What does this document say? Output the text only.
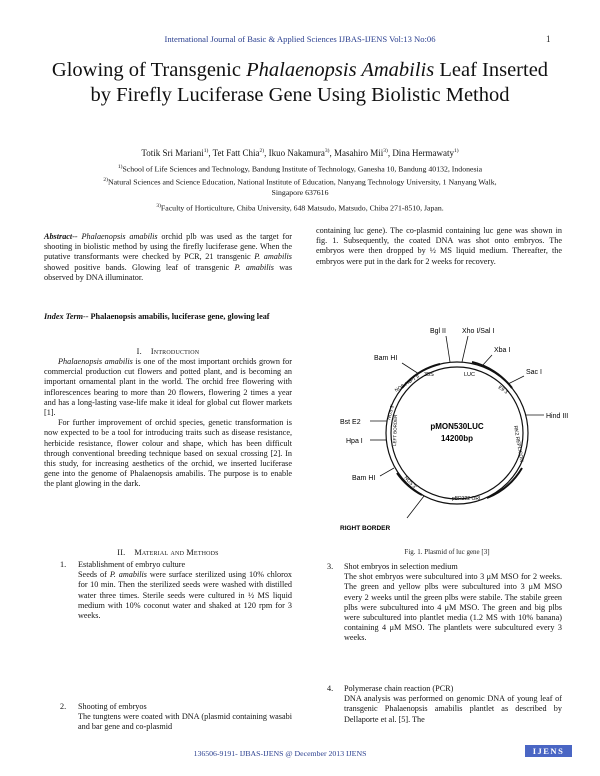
International Journal of Basic & Applied Sciences IJBAS-IJENS Vol:13 No:06	1
Glowing of Transgenic Phalaenopsis Amabilis Leaf Inserted by Firefly Luciferase Gene Using Biolistic Method
Totik Sri Mariani$^{1)}$, Tet Fatt Chia$^{2)}$, Ikuo Nakamura$^{3)}$, Masahiro Mii$^{3)}$, Dina Hermawaty$^{1)}$
$^{1)}$School of Life Sciences and Technology, Bandung Institute of Technology, Ganesha 10, Bandung 40132, Indonesia
$^{2)}$Natural Sciences and Science Education, National Institute of Education, Nanyang Technology University, 1 Nanyang Walk,
Singapore 637616
$^{3)}$Faculty of Horticulture, Chiba University, 648 Matsudo, Matsudo, Chiba 271-8510, Japan.
Abstract-- Phalaenopsis amabilis orchid plb was used as the target for shooting in biolistic method by using the firefly luciferase gene. When the putative transformants were checked by PCR, 21 transgenic P. amabilis showed positive bands. Glowing leaf of transgenic P. amabilis was observed by DNA illuminator.
Index Term-- Phalaenopsis amabilis, luciferase gene, glowing leaf
I. Introduction

Phalaenopsis amabilis is one of the most important orchids grown for commercial production cut flowers and potted plant, and is becoming an important ornamental plant in the world. The orchid free flowering with inflorescences bearing to more than 20 flowers, flowering 2 times a year and has a long-lasting vase-life make it ideal for global cut flower markets [1].

For further improvement of orchid species, genetic transformation is now expected to be a tool for introducing traits such as disease resistance, herbicide resistance, flower colour and shape, which has been difficult through conventional breeding technique based on sexual crossing [2]. In this study, for increasing aesthetics of the orchid, we inserted luciferase gene into the genome of Phalaenopsis amabilis. The purpose is to enable the plant glowing in the dark.

II. Material and Methods
1. Establishment of embryo culture
Seeds of P. amabilis were surface sterilized using 10% chlorox for 10 min. Then the sterilized seeds were washed with distilled water three times. Sterile seeds were cultured in ½ MS liquid medium with 10% coconut water and shaked at 120 rpm for 3 weeks.
2. Shooting of embryos
The tungtens were coated with DNA (plasmid containing wasabi and bar gene and co-plasmid
containing luc gene). The co-plasmid containing luc gene was shown in fig. 1. Subsequently, the coated DNA was shot onto embryos. The embryos were then dropped by ½ MS liquid medium. Thereafter, the embryos were put in the dark for 2 weeks for recovery.
Bgl II Xho I/Sal I
Xba I
Sac I
Hind III
Bam HI
Bst E2
Hpa I
Bam HI
RIGHT BORDER
35S
NOS / NPT II	LUC
E9 3'
RK2 REPLICON
pBR322 ORI
NOS 3'
NOS 3'
LEFT BORDER	pMON530LUC
14200bp
Fig. 1. Plasmid of luc gene [3]
3. Shot embryos in selection medium
The shot embryos were subcultured into 3 μM MSO for 2 weeks. The green and yellow plbs were subcultured into 3 μM MSO every 2 weeks until the green plbs were stabile. The stabile green plbs were subcultured into 4 μM MSO. The green and big plbs were subcultured into plantlet media (1.2 MS with 10% banana) containing 4 μM MSO. The plantlets were subcultured every 3 weeks.
4. Polymerase chain reaction (PCR)
DNA analysis was performed on genomic DNA of young leaf of transgenic Phalaenopsis amabilis plantlet as described by Dellaporte et al. [5]. The
136506-9191- IJBAS-IJENS @ December 2013 IJENS	IJENS
